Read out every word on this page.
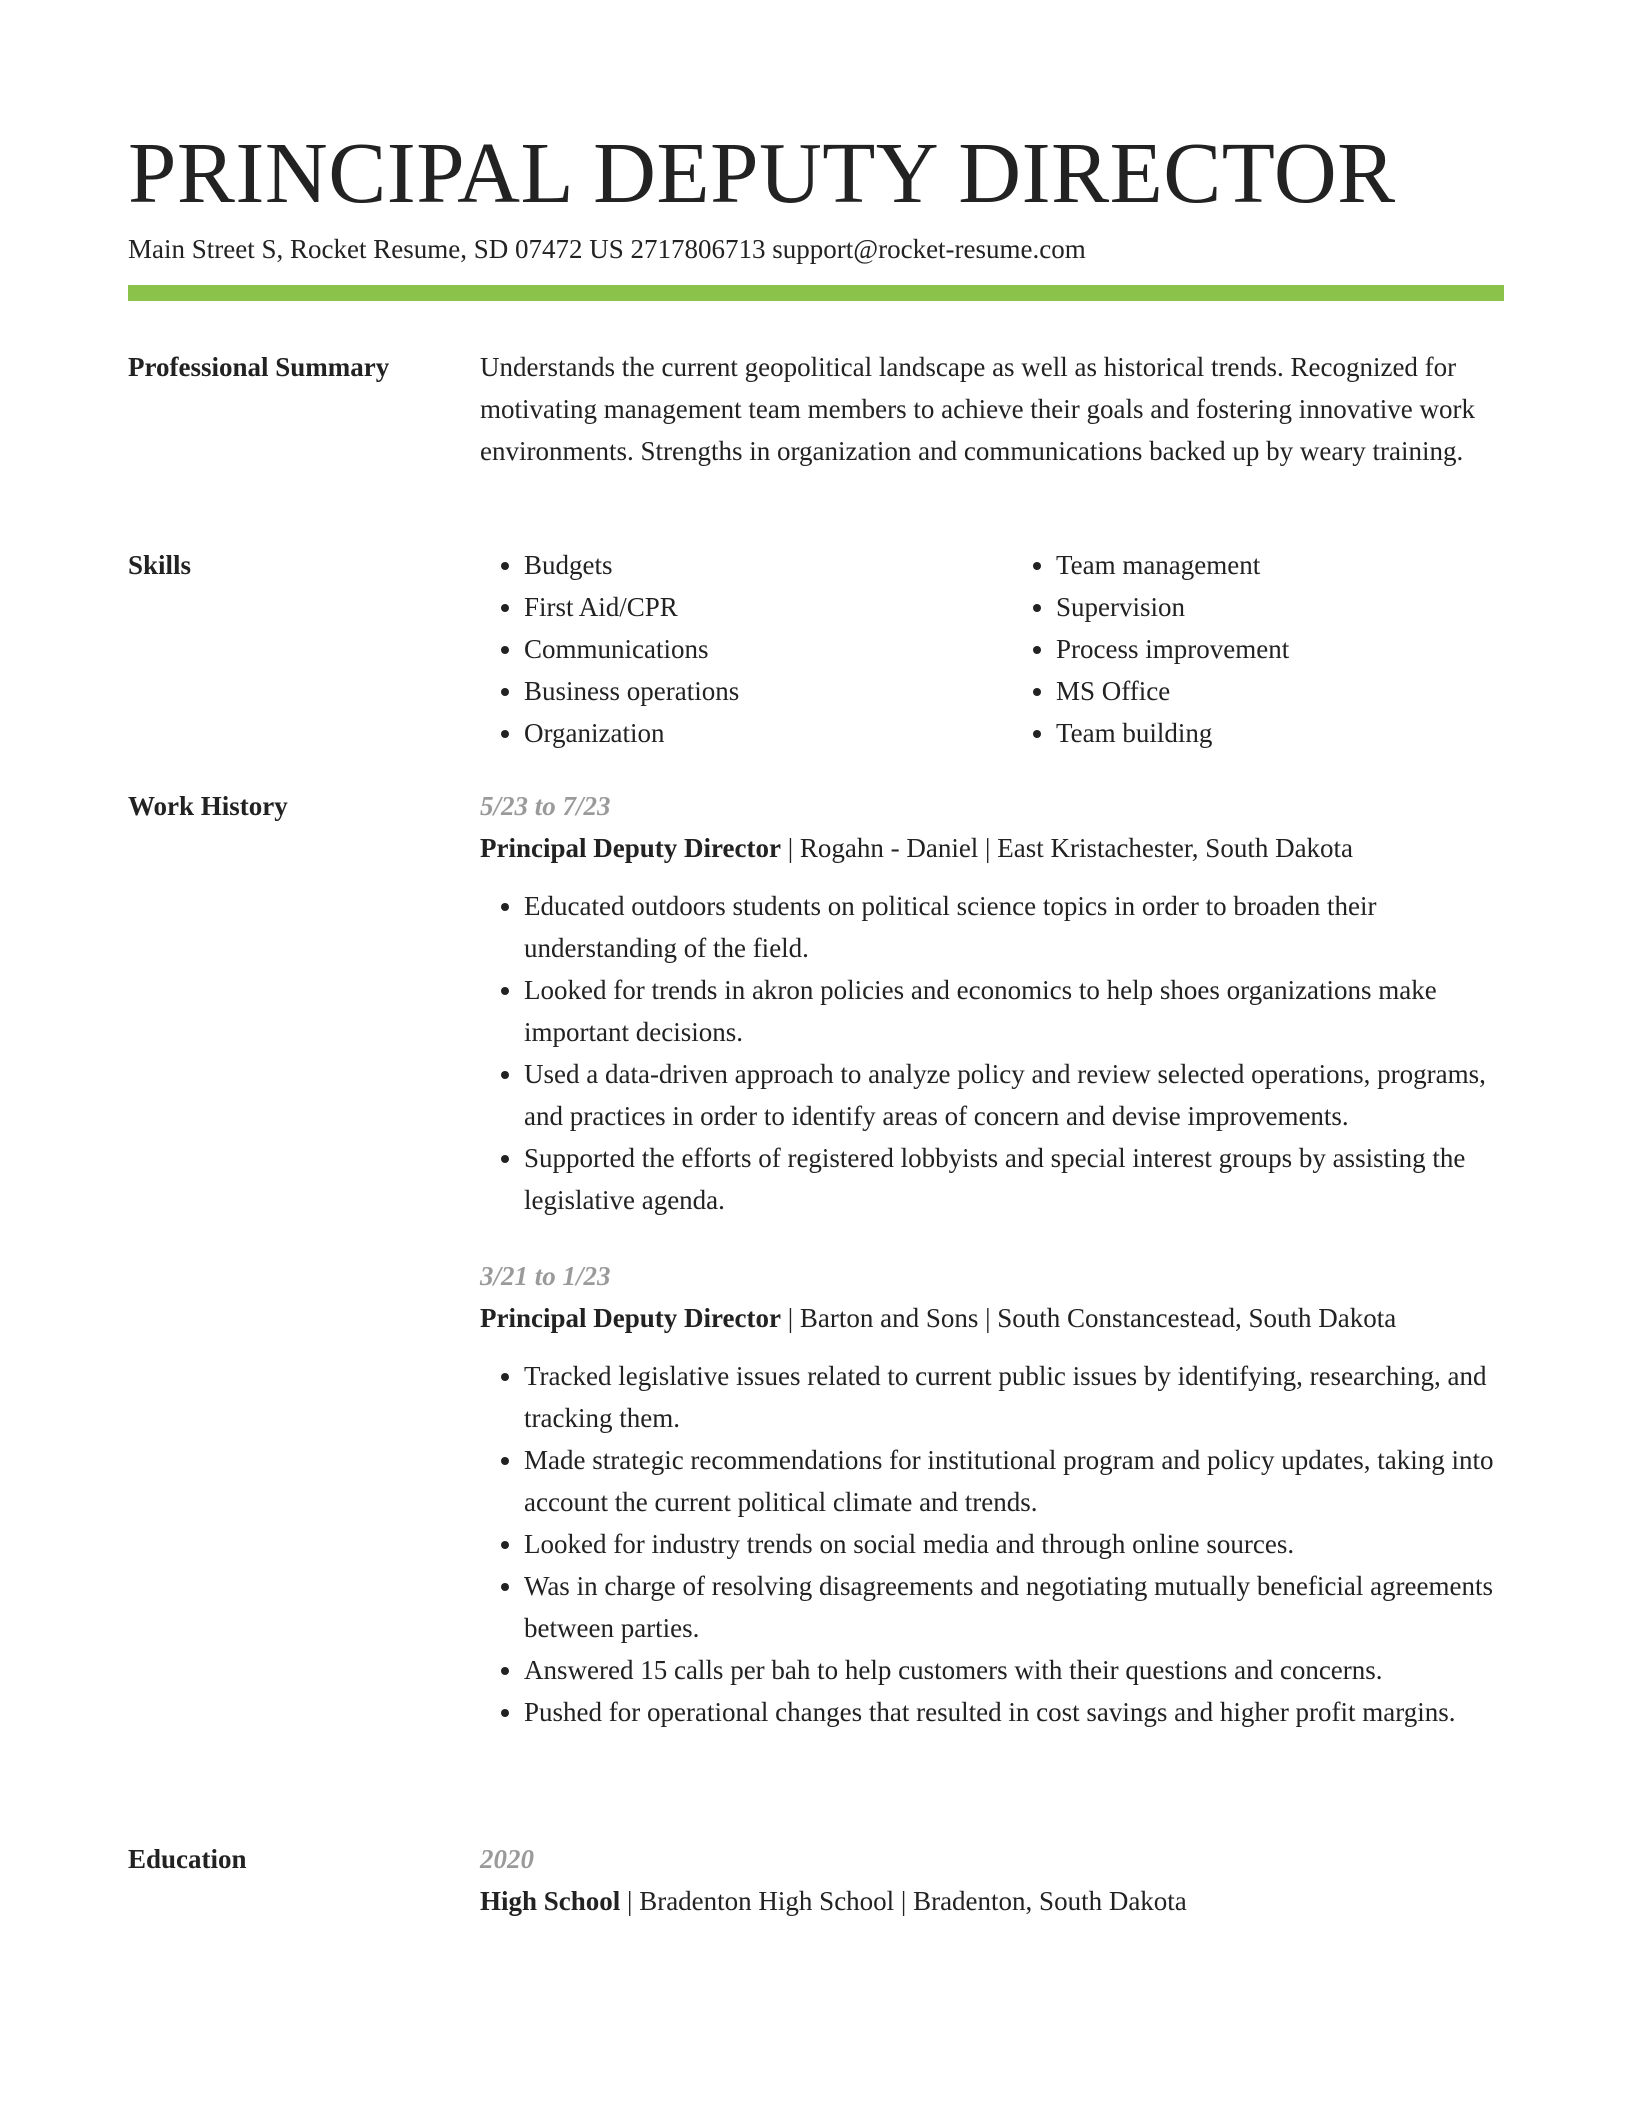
PRINCIPAL DEPUTY DIRECTOR
Main Street S, Rocket Resume, SD 07472 US 2717806713 support@rocket-resume.com
Professional Summary	Understands the current geopolitical landscape as well as historical trends. Recognized for motivating management team members to achieve their goals and fostering innovative work environments. Strengths in organization and communications backed up by weary training.

Skills
•	Budgets
• First Aid/CPR
• Communications
• Business operations
• Organization
• Team management
• Supervision
• Process improvement
• MS Office
• Team building
Work History	5/23 to 7/23
Principal Deputy Director | Rogahn - Daniel | East Kristachester, South Dakota
• Educated outdoors students on political science topics in order to broaden their understanding of the field.
• Looked for trends in akron policies and economics to help shoes organizations make important decisions.
• Used a data-driven approach to analyze policy and review selected operations, programs, and practices in order to identify areas of concern and devise improvements.
• Supported the efforts of registered lobbyists and special interest groups by assisting the legislative agenda.
3/21 to 1/23
Principal Deputy Director | Barton and Sons | South Constancestead, South Dakota
• Tracked legislative issues related to current public issues by identifying, researching, and tracking them.
• Made strategic recommendations for institutional program and policy updates, taking into account the current political climate and trends.
• Looked for industry trends on social media and through online sources.
• Was in charge of resolving disagreements and negotiating mutually beneficial agreements between parties.
• Answered 15 calls per bah to help customers with their questions and concerns.
• Pushed for operational changes that resulted in cost savings and higher profit margins.
Education	2020
High School | Bradenton High School | Bradenton, South Dakota
